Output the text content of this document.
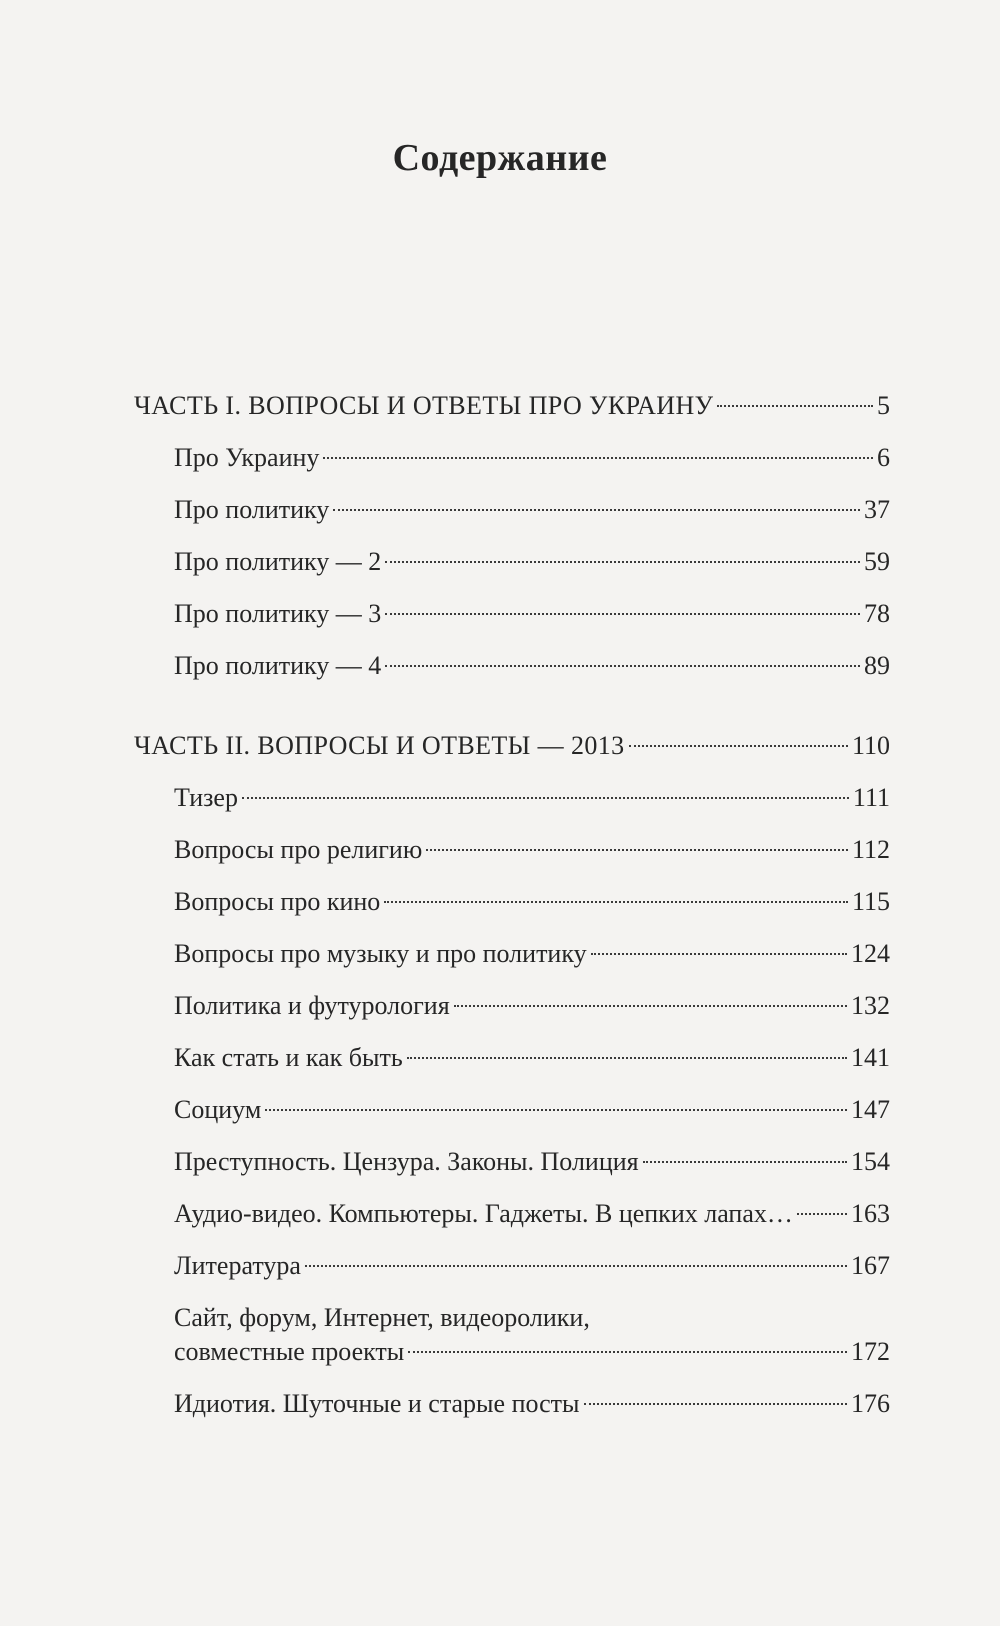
Содержание
ЧАСТЬ I. ВОПРОСЫ И ОТВЕТЫ ПРО УКРАИНУ	5
Про Украину	6
Про политику	37
Про политику — 2	59
Про политику — 3	78
Про политику — 4	89
ЧАСТЬ II. ВОПРОСЫ И ОТВЕТЫ — 2013	110
Тизер	111
Вопросы про религию	112
Вопросы про кино	115
Вопросы про музыку и про политику	124
Политика и футурология	132
Как стать и как быть	141
Социум	147
Преступность. Цензура. Законы. Полиция	154
Аудио-видео. Компьютеры. Гаджеты. В цепких лапах… 163
Литература	167
Сайт, форум, Интернет, видеоролики,
совместные проекты	172
Идиотия. Шуточные и старые посты	176
